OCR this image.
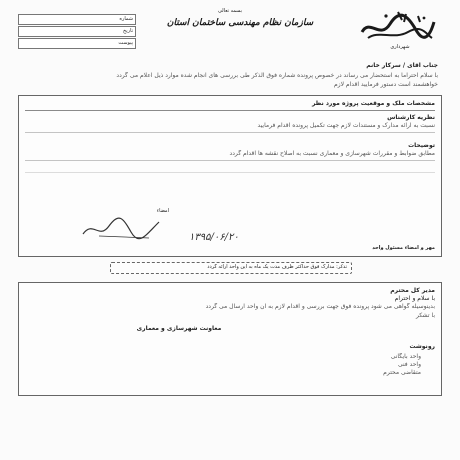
شهرداری
بسمه تعالی
سازمان نظام مهندسی ساختمان استان
شماره
تاریخ
پیوست
جناب آقای / سرکار خانم
با سلام احتراما به استحضار می رساند در خصوص پرونده شماره فوق الذکر طی بررسی های انجام شده موارد ذیل اعلام می گردد
خواهشمند است دستور فرمایید اقدام لازم
مشخصات ملک و موقعیت پروژه مورد نظر
نظریه کارشناس
نسبت به ارائه مدارک و مستندات لازم جهت تکمیل پرونده اقدام فرمایید
توضیحات
مطابق ضوابط و مقررات شهرسازی و معماری نسبت به اصلاح نقشه ها اقدام گردد
امضاء
۱۳۹۵/۰۶/۲۰
مهر و امضاء مسئول واحد
تذکر: مدارک فوق حداکثر ظرف مدت یک ماه به این واحد ارائه گردد
مدیر کل محترم
با سلام و احترام
بدینوسیله گواهی می شود پرونده فوق جهت بررسی و اقدام لازم به آن واحد ارسال می گردد
با تشکر
معاونت شهرسازی و معماری
رونوشت
واحد بایگانی
واحد فنی
متقاضی محترم
